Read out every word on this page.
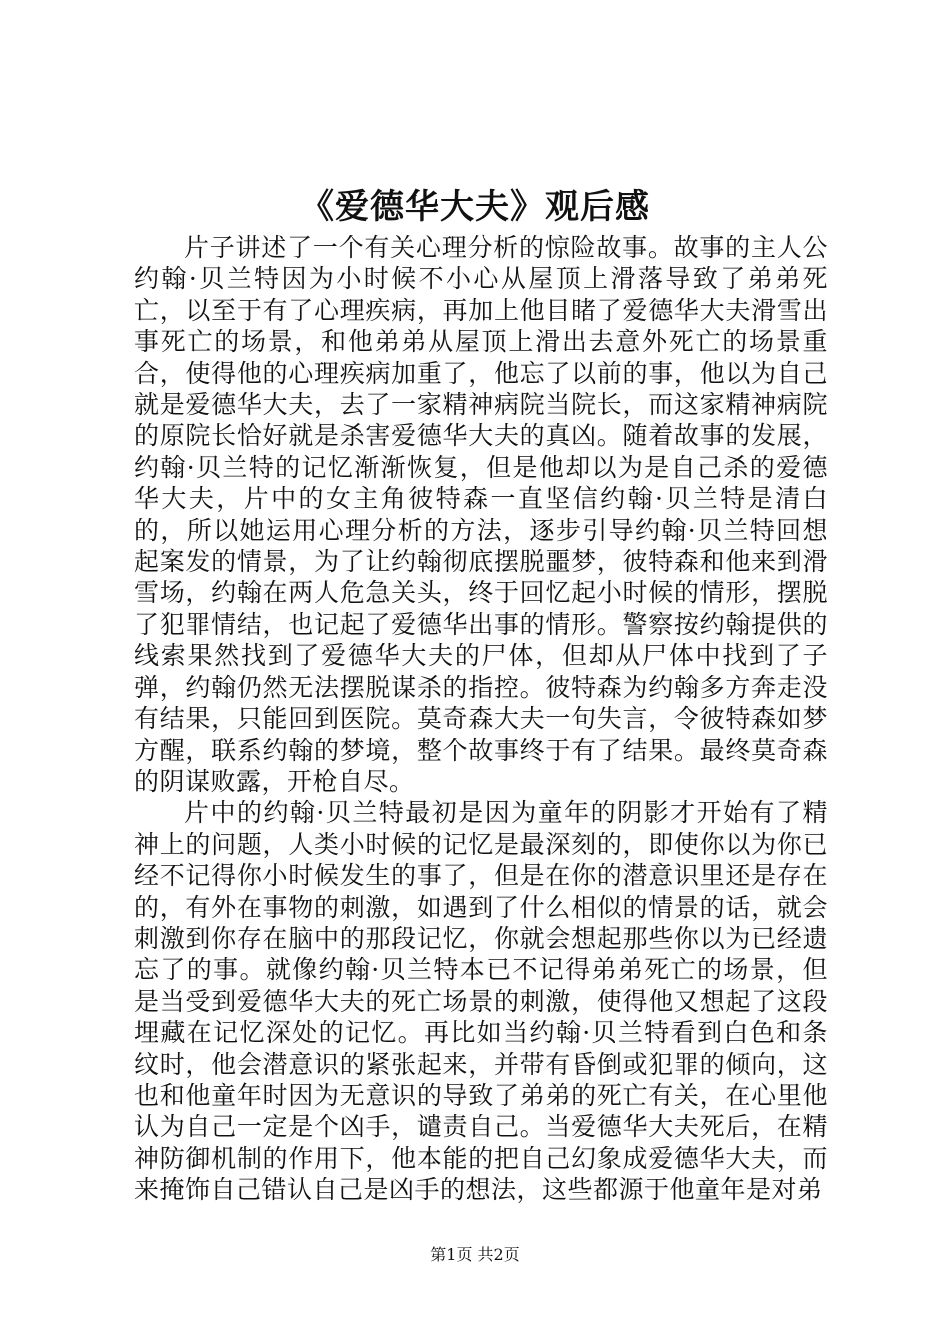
《爱德华大夫》观后感

片子讲述了一个有关心理分析的惊险故事。故事的主人公约翰·贝兰特因为小时候不小心从屋顶上滑落导致了弟弟死亡，以至于有了心理疾病，再加上他目睹了爱德华大夫滑雪出事死亡的场景，和他弟弟从屋顶上滑出去意外死亡的场景重合，使得他的心理疾病加重了，他忘了以前的事，他以为自己就是爱德华大夫，去了一家精神病院当院长，而这家精神病院的原院长恰好就是杀害爱德华大夫的真凶。随着故事的发展，约翰·贝兰特的记忆渐渐恢复，但是他却以为是自己杀的爱德华大夫，片中的女主角彼特森一直坚信约翰·贝兰特是清白的，所以她运用心理分析的方法，逐步引导约翰·贝兰特回想起案发的情景，为了让约翰彻底摆脱噩梦，彼特森和他来到滑雪场，约翰在两人危急关头，终于回忆起小时候的情形，摆脱了犯罪情结，也记起了爱德华出事的情形。警察按约翰提供的线索果然找到了爱德华大夫的尸体，但却从尸体中找到了子弹，约翰仍然无法摆脱谋杀的指控。彼特森为约翰多方奔走没有结果，只能回到医院。莫奇森大夫一句失言，令彼特森如梦方醒，联系约翰的梦境，整个故事终于有了结果。最终莫奇森的阴谋败露，开枪自尽。

片中的约翰·贝兰特最初是因为童年的阴影才开始有了精神上的问题，人类小时候的记忆是最深刻的，即使你以为你已经不记得你小时候发生的事了，但是在你的潜意识里还是存在的，有外在事物的刺激，如遇到了什么相似的情景的话，就会刺激到你存在脑中的那段记忆，你就会想起那些你以为已经遗忘了的事。就像约翰·贝兰特本已不记得弟弟死亡的场景，但是当受到爱德华大夫的死亡场景的刺激，使得他又想起了这段埋藏在记忆深处的记忆。再比如当约翰·贝兰特看到白色和条纹时，他会潜意识的紧张起来，并带有昏倒或犯罪的倾向，这也和他童年时因为无意识的导致了弟弟的死亡有关，在心里他认为自己一定是个凶手，谴责自己。当爱德华大夫死后，在精神防御机制的作用下，他本能的把自己幻象成爱德华大夫，而来掩饰自己错认自己是凶手的想法，这些都源于他童年是对弟

第1页 共2页
